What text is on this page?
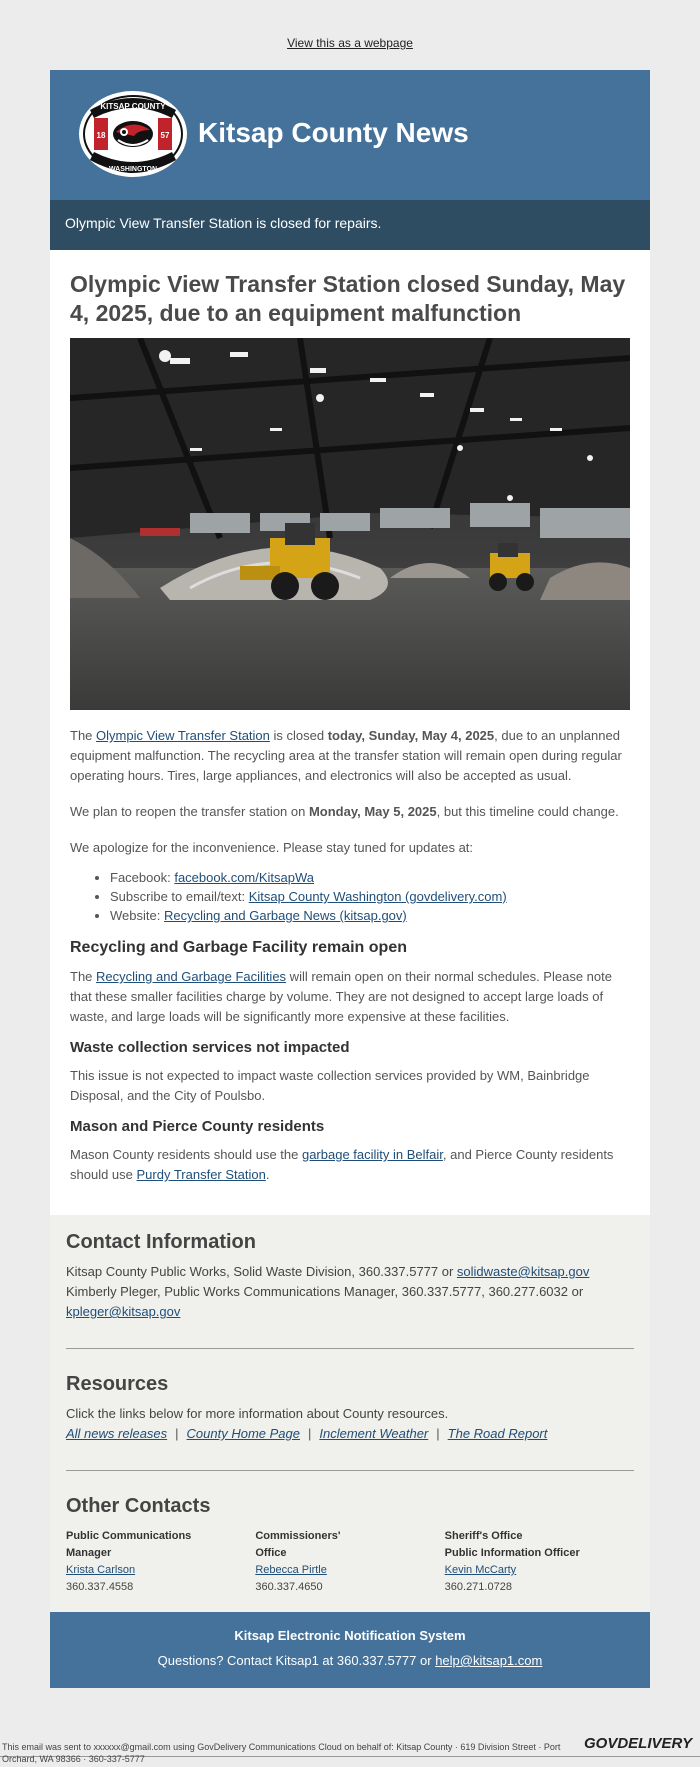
View this as a webpage
KITSAP COUNTY
WASHINGTON
18	57 Kitsap County News
Olympic View Transfer Station is closed for repairs.
Olympic View Transfer Station closed Sunday, May 4, 2025, due to an equipment malfunction

The Olympic View Transfer Station is closed today, Sunday, May 4, 2025, due to an unplanned equipment malfunction. The recycling area at the transfer station will remain open during regular operating hours. Tires, large appliances, and electronics will also be accepted as usual.

We plan to reopen the transfer station on Monday, May 5, 2025, but this timeline could change.

We apologize for the inconvenience. Please stay tuned for updates at:

• Facebook: facebook.com/KitsapWa
• Subscribe to email/text: Kitsap County Washington (govdelivery.com)
• Website: Recycling and Garbage News (kitsap.gov)
Recycling and Garbage Facility remain open

The Recycling and Garbage Facilities will remain open on their normal schedules. Please note that these smaller facilities charge by volume. They are not designed to accept large loads of waste, and large loads will be significantly more expensive at these facilities.

Waste collection services not impacted

This issue is not expected to impact waste collection services provided by WM, Bainbridge Disposal, and the City of Poulsbo.

Mason and Pierce County residents

Mason County residents should use the garbage facility in Belfair, and Pierce County residents should use Purdy Transfer Station.

Contact Information

Kitsap County Public Works, Solid Waste Division, 360.337.5777 or solidwaste@kitsap.gov
Kimberly Pleger, Public Works Communications Manager, 360.337.5777, 360.277.6032 or kpleger@kitsap.gov

Resources

Click the links below for more information about County resources.

All news releases | County Home Page | Inclement Weather | The Road Report

Other Contacts
Public Communications
Manager
Krista Carlson
360.337.4558
Commissioners'
Office
Rebecca Pirtle
360.337.4650
Sheriff's Office
Public Information Officer
Kevin McCarty
360.271.0728
Kitsap Electronic Notification System
Questions? Contact Kitsap1 at 360.337.5777 or help@kitsap1.com
This email was sent to xxxxxx@gmail.com using GovDelivery Communications Cloud on behalf of: Kitsap County · 619 Division Street · Port Orchard, WA 98366 · 360-337-5777
GOVDELIVERY
